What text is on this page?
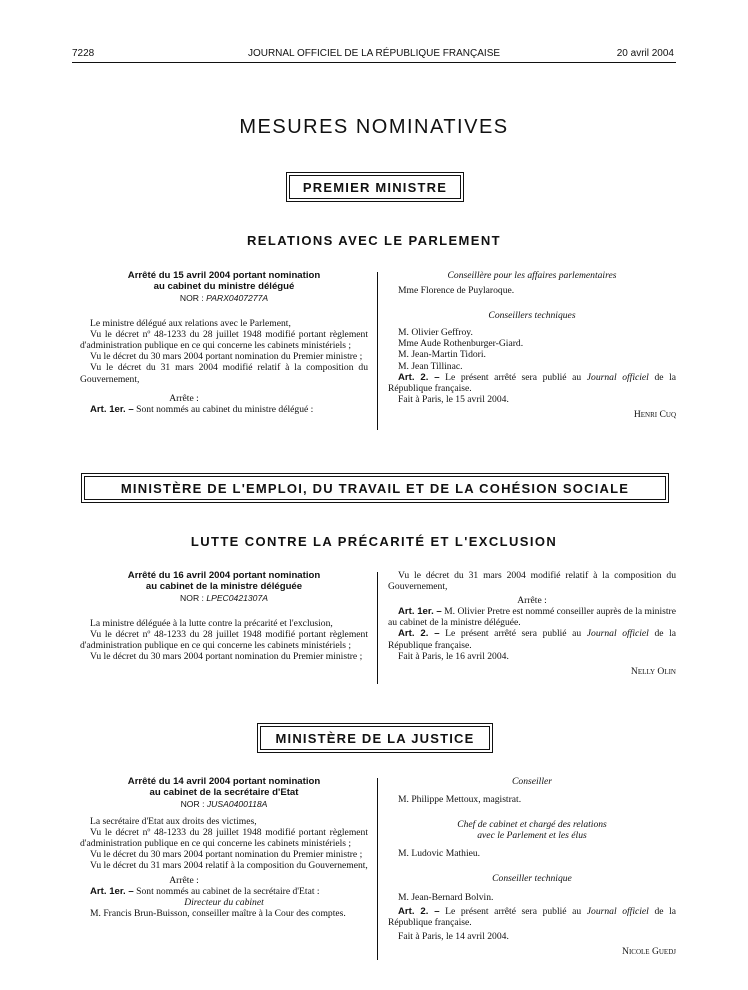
7228	JOURNAL OFFICIEL DE LA RÉPUBLIQUE FRANÇAISE	20 avril 2004
MESURES NOMINATIVES
PREMIER MINISTRE
RELATIONS AVEC LE PARLEMENT

Arrêté du 15 avril 2004 portant nomination
au cabinet du ministre délégué

NOR : PARX0407277A

Le ministre délégué aux relations avec le Parlement,

Vu le décret nº 48-1233 du 28 juillet 1948 modifié portant règlement d'administration publique en ce qui concerne les cabinets ministériels ;

Vu le décret du 30 mars 2004 portant nomination du Premier ministre ;

Vu le décret du 31 mars 2004 modifié relatif à la composition du Gouvernement,

Arrête :

Art. 1er. – Sont nommés au cabinet du ministre délégué :

Conseillère pour les affaires parlementaires

Mme Florence de Puylaroque.

Conseillers techniques

M. Olivier Geffroy.

Mme Aude Rothenburger-Giard.

M. Jean-Martin Tidori.

M. Jean Tillinac.

Art. 2. – Le présent arrêté sera publié au Journal officiel de la République française.

Fait à Paris, le 15 avril 2004.

Henri Cuq

MINISTÈRE DE L'EMPLOI, DU TRAVAIL ET DE LA COHÉSION SOCIALE
LUTTE CONTRE LA PRÉCARITÉ ET L'EXCLUSION

Arrêté du 16 avril 2004 portant nomination
au cabinet de la ministre déléguée

NOR : LPEC0421307A

La ministre déléguée à la lutte contre la précarité et l'exclusion,

Vu le décret nº 48-1233 du 28 juillet 1948 modifié portant règlement d'administration publique en ce qui concerne les cabinets ministériels ;

Vu le décret du 30 mars 2004 portant nomination du Premier ministre ;

Vu le décret du 31 mars 2004 modifié relatif à la composition du Gouvernement,

Arrête :

Art. 1er. – M. Olivier Pretre est nommé conseiller auprès de la ministre au cabinet de la ministre déléguée.

Art. 2. – Le présent arrêté sera publié au Journal officiel de la République française.

Fait à Paris, le 16 avril 2004.

Nelly Olin

MINISTÈRE DE LA JUSTICE

Arrêté du 14 avril 2004 portant nomination
au cabinet de la secrétaire d'Etat

NOR : JUSA0400118A

La secrétaire d'Etat aux droits des victimes,

Vu le décret nº 48-1233 du 28 juillet 1948 modifié portant règlement d'administration publique en ce qui concerne les cabinets ministériels ;

Vu le décret du 30 mars 2004 portant nomination du Premier ministre ;

Vu le décret du 31 mars 2004 relatif à la composition du Gouvernement,

Arrête :

Art. 1er. – Sont nommés au cabinet de la secrétaire d'Etat :

Directeur du cabinet

M. Francis Brun-Buisson, conseiller maître à la Cour des comptes.

Conseiller

M. Philippe Mettoux, magistrat.

Chef de cabinet et chargé des relations
avec le Parlement et les élus

M. Ludovic Mathieu.

Conseiller technique

M. Jean-Bernard Bolvin.

Art. 2. – Le présent arrêté sera publié au Journal officiel de la République française.

Fait à Paris, le 14 avril 2004.

Nicole Guedj
